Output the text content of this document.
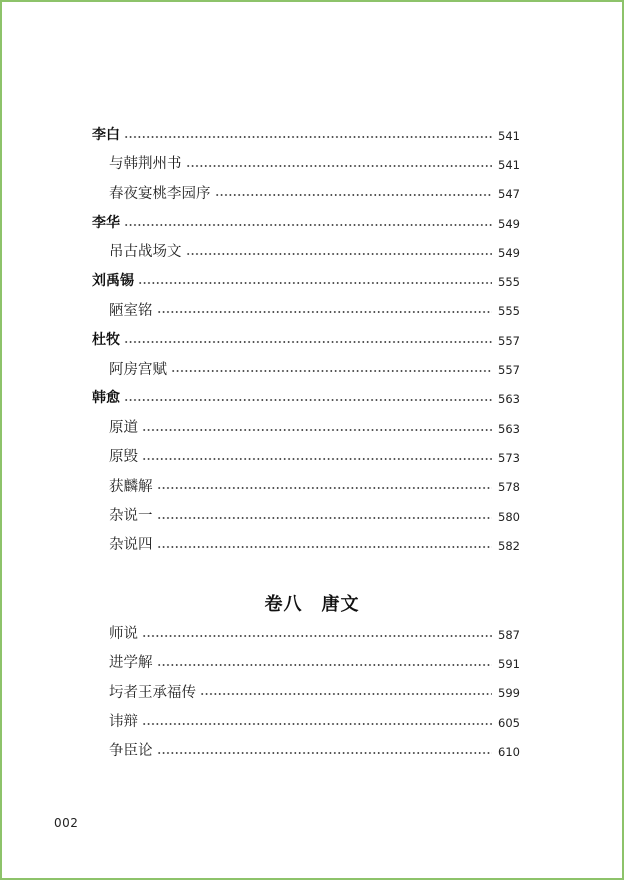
李白	541
与韩荆州书	541
春夜宴桃李园序	547
李华	549
吊古战场文	549
刘禹锡	555
陋室铭	555
杜牧	557
阿房宫赋	557
韩愈	563
原道	563
原毁	573
获麟解	578
杂说一	580
杂说四	582
卷八　唐文
师说	587
进学解	591
圬者王承福传	599
讳辩	605
争臣论	610
002
